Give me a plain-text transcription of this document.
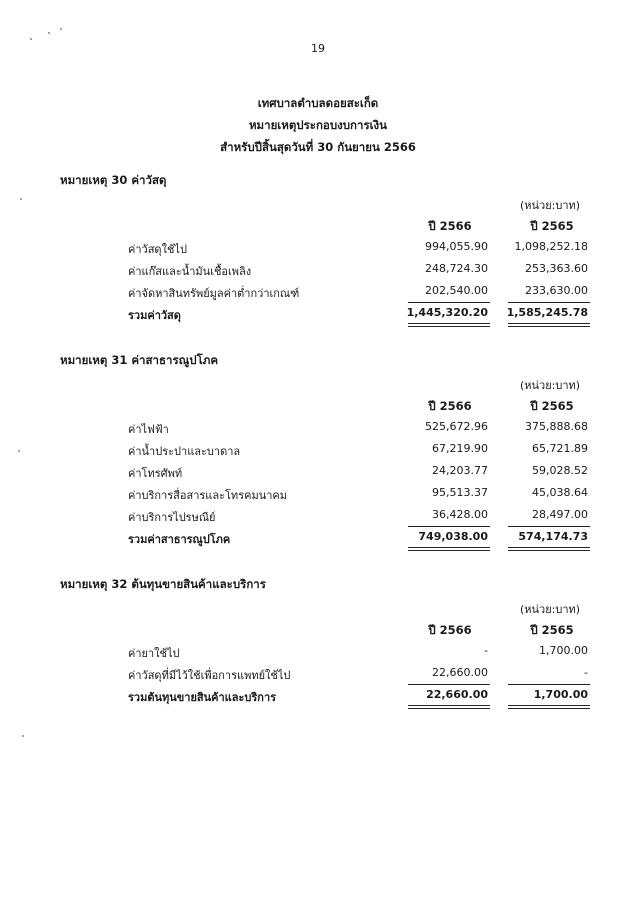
19
เทศบาลตำบลดอยสะเก็ด
หมายเหตุประกอบงบการเงิน
สำหรับปีสิ้นสุดวันที่ 30 กันยายน 2566
หมายเหตุ 30 ค่าวัสดุ
(หน่วย:บาท)
ปี 2566	ปี 2565
ค่าวัสดุใช้ไป	994,055.90	1,098,252.18
ค่าแก๊สและน้ำมันเชื้อเพลิง	248,724.30	253,363.60
ค่าจัดหาสินทรัพย์มูลค่าต่ำกว่าเกณฑ์	202,540.00	233,630.00
รวมค่าวัสดุ	1,445,320.20	1,585,245.78
หมายเหตุ 31 ค่าสาธารณูปโภค
(หน่วย:บาท)
ปี 2566	ปี 2565
ค่าไฟฟ้า	525,672.96	375,888.68
ค่าน้ำประปาและบาดาล	67,219.90	65,721.89
ค่าโทรศัพท์	24,203.77	59,028.52
ค่าบริการสื่อสารและโทรคมนาคม	95,513.37	45,038.64
ค่าบริการไปรษณีย์	36,428.00	28,497.00
รวมค่าสาธารณูปโภค	749,038.00	574,174.73
หมายเหตุ 32 ต้นทุนขายสินค้าและบริการ
(หน่วย:บาท)
ปี 2566	ปี 2565
ค่ายาใช้ไป	-	1,700.00
ค่าวัสดุที่มีไว้ใช้เพื่อการแพทย์ใช้ไป	22,660.00	-
รวมต้นทุนขายสินค้าและบริการ	22,660.00	1,700.00
